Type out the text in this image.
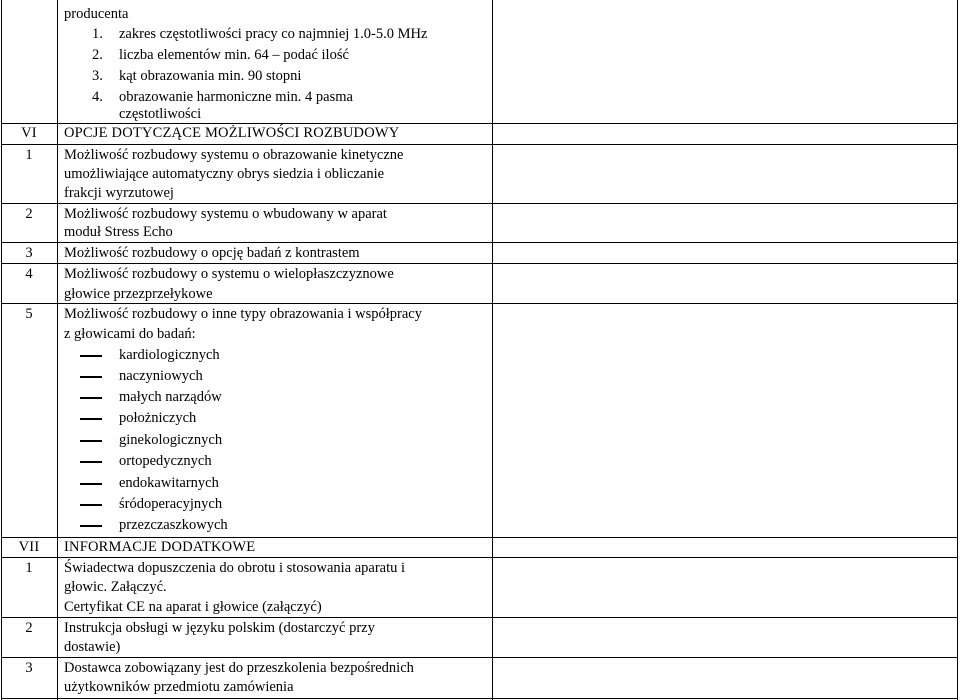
producenta
1. zakres częstotliwości pracy co najmniej 1.0-5.0 MHz
2. liczba elementów min. 64 – podać ilość
3. kąt obrazowania min. 90 stopni
4. obrazowanie harmoniczne min. 4 pasma
częstotliwości
VI	OPCJE DOTYCZĄCE MOŻLIWOŚCI ROZBUDOWY
1	Możliwość rozbudowy systemu o obrazowanie kinetyczne
umożliwiające automatyczny obrys siedzia i obliczanie
frakcji wyrzutowej
2	Możliwość rozbudowy systemu o wbudowany w aparat
moduł Stress Echo
3	Możliwość rozbudowy o opcję badań z kontrastem
4	Możliwość rozbudowy o systemu o wielopłaszczyznowe
głowice przezprzełykowe
5	Możliwość rozbudowy o inne typy obrazowania i współpracy
z głowicami do badań:
kardiologicznych
naczyniowych
małych narządów
położniczych
ginekologicznych
ortopedycznych
endokawitarnych
śródoperacyjnych
przezczaszkowych
VII	INFORMACJE DODATKOWE
1	Świadectwa dopuszczenia do obrotu i stosowania aparatu i
głowic. Załączyć.
Certyfikat CE na aparat i głowice (załączyć)
2	Instrukcja obsługi w języku polskim (dostarczyć przy
dostawie)
3	Dostawca zobowiązany jest do przeszkolenia bezpośrednich
użytkowników przedmiotu zamówienia
